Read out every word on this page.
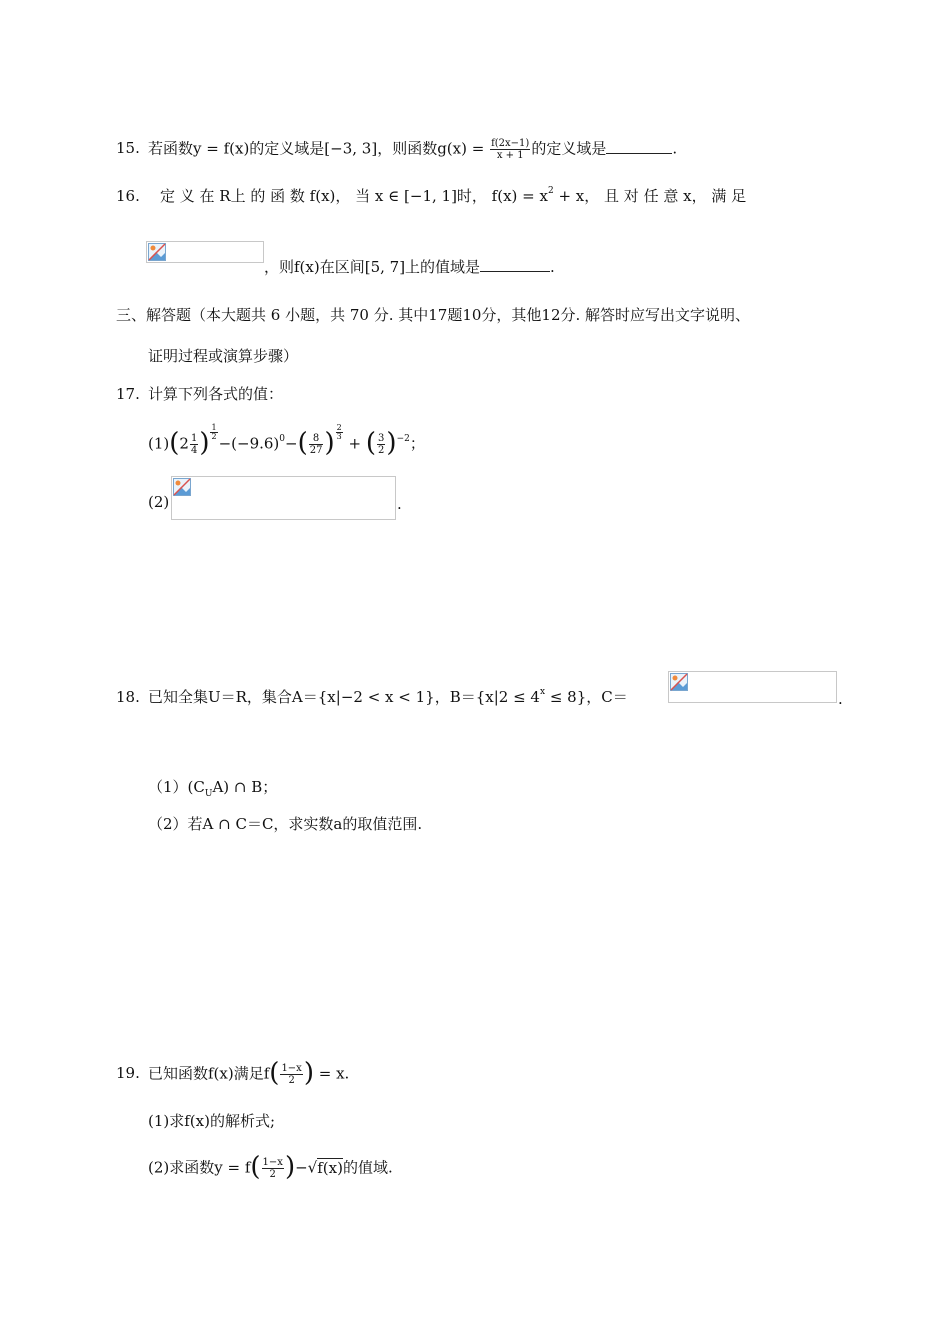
15. 若函数y = f(x)的定义域是[−3, 3]，则函数$g(x) = \frac{f(2x-1)}{x + 1}$ 的定义域是	.
16. 定 义 在 R上 的 函 数 f(x)， 当 x ∈ [−1, 1]时， $f(x) = x^2 + x$， 且 对 任 意 x， 满 足
，则f(x)在区间[5, 7]上的值域是	.
三、解答题（本大题共 6 小题，共 70 分. 其中17题10分，其他12分. 解答时应写出文字说明、
证明过程或演算步骤）
17. 计算下列各式的值：
$(1)(2 \frac{1}{4}$ ) $\frac{1}{2}$
$-(-9.6)^0-( \frac{8}{27}$ ) $\frac{2}{3}$
+ ( $\frac{3}{2} )^{-2}$；
(2)	.
18. 已知全集U＝R，集合A＝{x|−2 < x < 1}，$B=\{x|2 \le 4^x \le 8\}$，C＝	.
$(1)(C_UA)$ ∩ B；
（2）若A ∩ C＝C，求实数a的取值范围.
19. 已知函数f(x)满足$f( \frac{1-x}{2}$ ) = x.
(1)求f(x)的解析式;
(2)求函数$y = f( \frac{1-x}{2} )-√f(x)$的值域.
